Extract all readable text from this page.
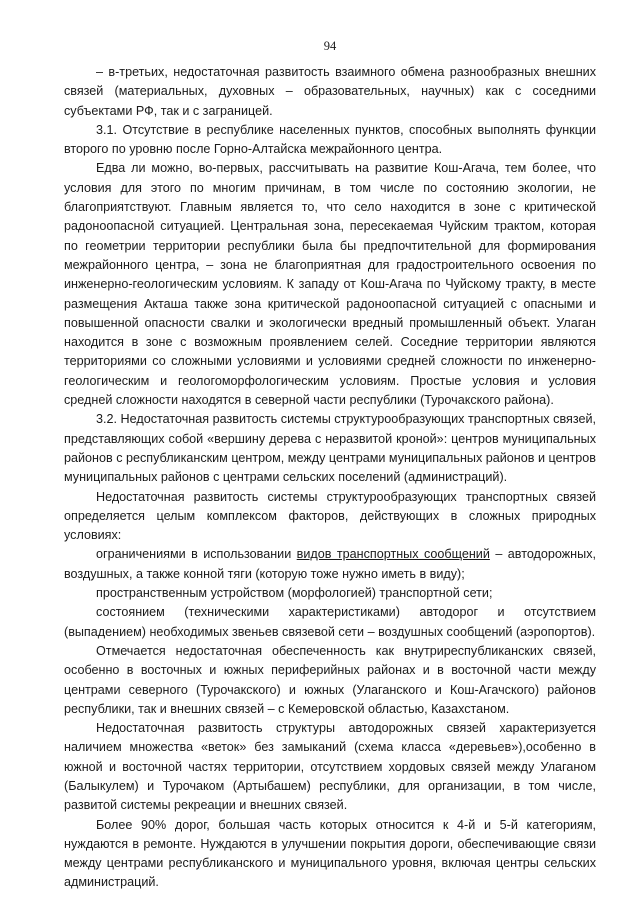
94

– в-третьих, недостаточная развитость взаимного обмена разнообразных внешних связей (материальных, духовных – образовательных, научных) как с соседними субъектами РФ, так и с заграницей.

3.1. Отсутствие в республике населенных пунктов, способных выполнять функции второго по уровню после Горно-Алтайска межрайонного центра.

Едва ли можно, во-первых, рассчитывать на развитие Кош-Агача, тем более, что условия для этого по многим причинам, в том числе по состоянию экологии, не благоприятствуют. Главным является то, что село находится в зоне с критической радоноопасной ситуацией. Центральная зона, пересекаемая Чуйским трактом, которая по геометрии территории республики была бы предпочтительной для формирования межрайонного центра, – зона не благоприятная для градостроительного освоения по инженерно-геологическим условиям. К западу от Кош-Агача по Чуйскому тракту, в месте размещения Акташа также зона критической радоноопасной ситуацией с опасными и повышенной опасности свалки и экологически вредный промышленный объект. Улаган находится в зоне с возможным проявлением селей. Соседние территории являются территориями со сложными условиями и условиями средней сложности по инженерно-геологическим и геологоморфологическим условиям. Простые условия и условия средней сложности находятся в северной части республики (Турочакского района).

3.2. Недостаточная развитость системы структурообразующих транспортных связей, представляющих собой «вершину дерева с неразвитой кроной»: центров муниципальных районов с республиканским центром, между центрами муниципальных районов и центров муниципальных районов с центрами сельских поселений (администраций).

Недостаточная развитость системы структурообразующих транспортных связей определяется целым комплексом факторов, действующих в сложных природных условиях:

ограничениями в использовании видов транспортных сообщений – автодорожных, воздушных, а также конной тяги (которую тоже нужно иметь в виду);

пространственным устройством (морфологией) транспортной сети;

состоянием (техническими характеристиками) автодорог и отсутствием (выпадением) необходимых звеньев связевой сети – воздушных сообщений (аэропортов).

Отмечается недостаточная обеспеченность как внутриреспубликанских связей, особенно в восточных и южных периферийных районах и в восточной части между центрами северного (Турочакского) и южных (Улаганского и Кош-Агачского) районов республики, так и внешних связей – с Кемеровской областью, Казахстаном.

Недостаточная развитость структуры автодорожных связей характеризуется наличием множества «веток» без замыканий (схема класса «деревьев»),особенно в южной и восточной частях территории, отсутствием хордовых связей между Улаганом (Балыкулем) и Турочаком (Артыбашем) республики, для организации, в том числе, развитой системы рекреации и внешних связей.

Более 90% дорог, большая часть которых относится к 4-й и 5-й категориям, нуждаются в ремонте. Нуждаются в улучшении покрытия дороги, обеспечивающие связи между центрами республиканского и муниципального уровня, включая центры сельских администраций.
